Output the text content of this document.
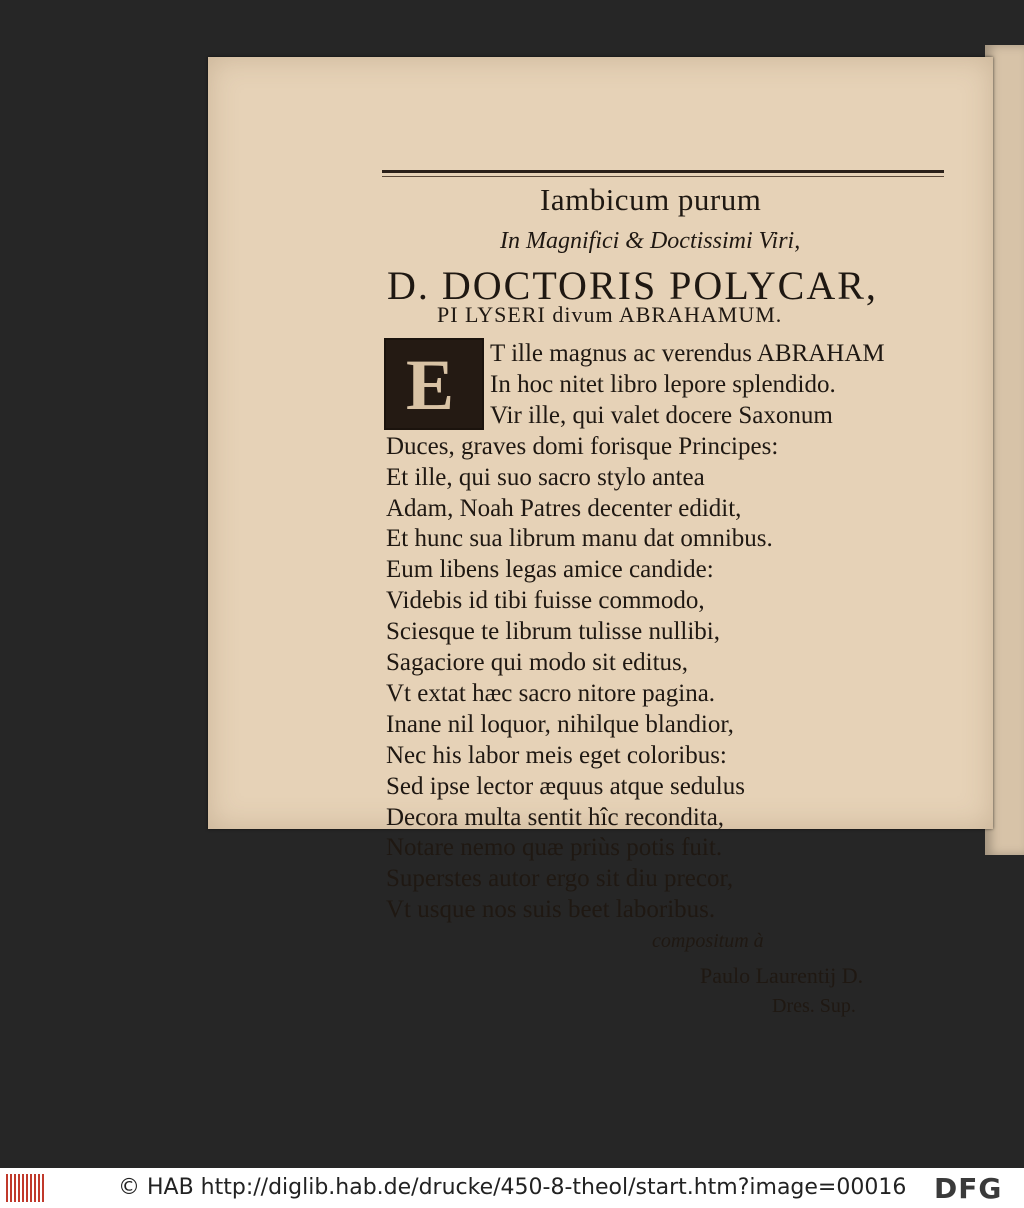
Iambicum purum
In Magnifici & Doctissimi Viri,
D. DOCTORIS POLYCAR,
PI LYSERI divum ABRAHAMUM.
E T ille magnus ac verendus ABRAHAM
In hoc nitet libro lepore splendido.
Vir ille, qui valet docere Saxonum
Duces, graves domi forisque Principes:
Et ille, qui suo sacro stylo antea
Adam, Noah Patres decenter edidit,
Et hunc sua librum manu dat omnibus.
Eum libens legas amice candide:
Videbis id tibi fuisse commodo,
Sciesque te librum tulisse nullibi,
Sagaciore qui modo sit editus,
Vt extat hæc sacro nitore pagina.
Inane nil loquor, nihilque blandior,
Nec his labor meis eget coloribus:
Sed ipse lector æquus atque sedulus
Decora multa sentit hîc recondita,
Notare nemo quæ priùs potis fuit.
Superstes autor ergo sit diu precor,
Vt usque nos suis beet laboribus.
compositum à
Paulo Laurentij D.
Dres. Sup.
© HAB http://diglib.hab.de/drucke/450-8-theol/start.htm?image=00016 DFG
